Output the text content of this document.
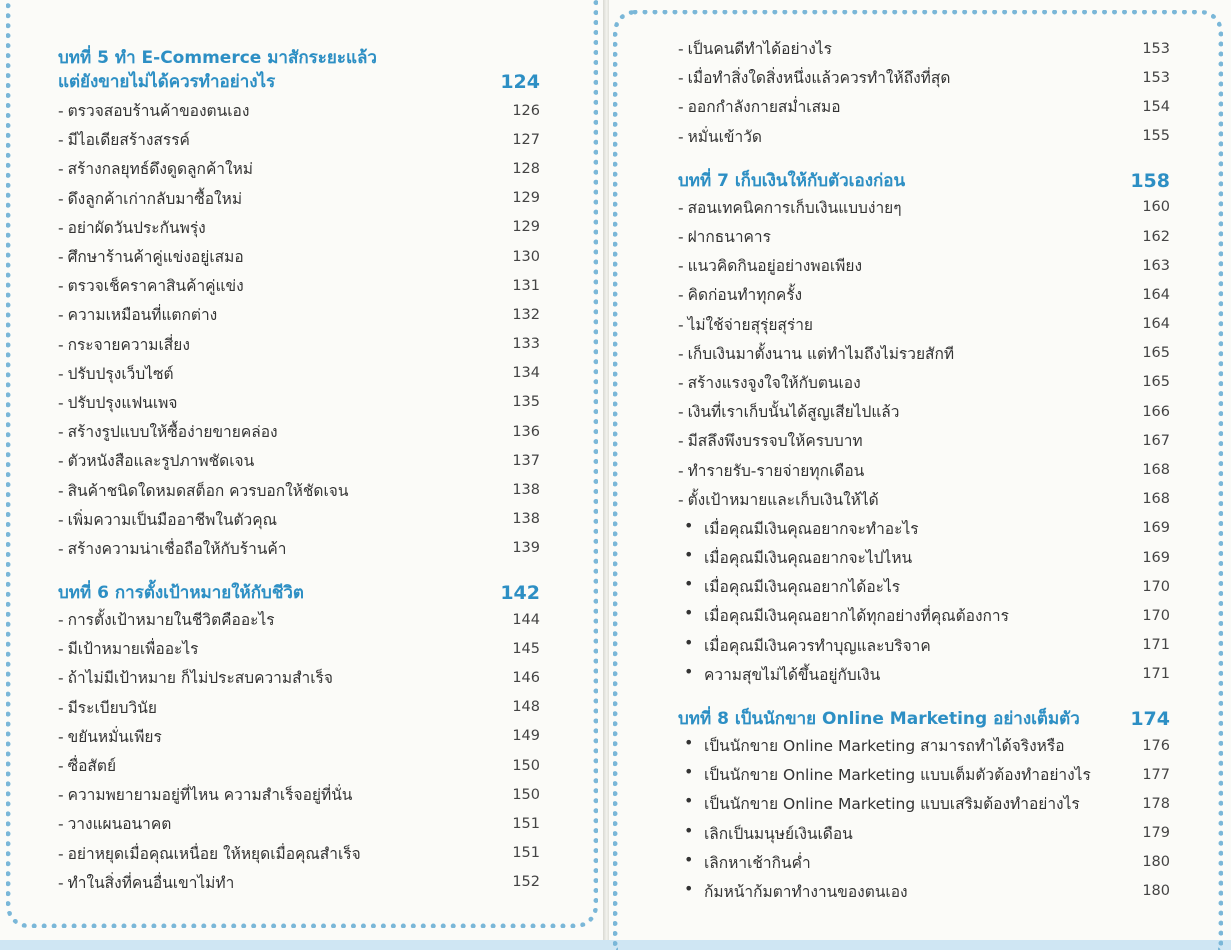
บทที่ 5 ทำ E-Commerce มาสักระยะแล้ว
แต่ยังขายไม่ได้ควรทำอย่างไร	124
- ตรวจสอบร้านค้าของตนเอง	126
- มีไอเดียสร้างสรรค์	127
- สร้างกลยุทธ์ดึงดูดลูกค้าใหม่	128
- ดึงลูกค้าเก่ากลับมาซื้อใหม่	129
- อย่าผัดวันประกันพรุ่ง	129
- ศึกษาร้านค้าคู่แข่งอยู่เสมอ	130
- ตรวจเช็คราคาสินค้าคู่แข่ง	131
- ความเหมือนที่แตกต่าง	132
- กระจายความเสี่ยง	133
- ปรับปรุงเว็บไซต์	134
- ปรับปรุงแฟนเพจ	135
- สร้างรูปแบบให้ซื้อง่ายขายคล่อง	136
- ตัวหนังสือและรูปภาพชัดเจน	137
- สินค้าชนิดใดหมดสต็อก ควรบอกให้ชัดเจน	138
- เพิ่มความเป็นมืออาชีพในตัวคุณ	138
- สร้างความน่าเชื่อถือให้กับร้านค้า	139
บทที่ 6 การตั้งเป้าหมายให้กับชีวิต	142
- การตั้งเป้าหมายในชีวิตคืออะไร	144
- มีเป้าหมายเพื่ออะไร	145
- ถ้าไม่มีเป้าหมาย ก็ไม่ประสบความสำเร็จ	146
- มีระเบียบวินัย	148
- ขยันหมั่นเพียร	149
- ซื่อสัตย์	150
- ความพยายามอยู่ที่ไหน ความสำเร็จอยู่ที่นั่น	150
- วางแผนอนาคต	151
- อย่าหยุดเมื่อคุณเหนื่อย ให้หยุดเมื่อคุณสำเร็จ	151
- ทำในสิ่งที่คนอื่นเขาไม่ทำ	152
- เป็นคนดีทำได้อย่างไร	153
- เมื่อทำสิ่งใดสิ่งหนึ่งแล้วควรทำให้ถึงที่สุด	153
- ออกกำลังกายสม่ำเสมอ	154
- หมั่นเข้าวัด	155
บทที่ 7 เก็บเงินให้กับตัวเองก่อน	158
- สอนเทคนิคการเก็บเงินแบบง่ายๆ	160
- ฝากธนาคาร	162
- แนวคิดกินอยู่อย่างพอเพียง	163
- คิดก่อนทำทุกครั้ง	164
- ไม่ใช้จ่ายสุรุ่ยสุร่าย	164
- เก็บเงินมาตั้งนาน แต่ทำไมถึงไม่รวยสักที	165
- สร้างแรงจูงใจให้กับตนเอง	165
- เงินที่เราเก็บนั้นได้สูญเสียไปแล้ว	166
- มีสลึงพึงบรรจบให้ครบบาท	167
- ทำรายรับ-รายจ่ายทุกเดือน	168
- ตั้งเป้าหมายและเก็บเงินให้ได้	168
• เมื่อคุณมีเงินคุณอยากจะทำอะไร	169
• เมื่อคุณมีเงินคุณอยากจะไปไหน	169
• เมื่อคุณมีเงินคุณอยากได้อะไร	170
• เมื่อคุณมีเงินคุณอยากได้ทุกอย่างที่คุณต้องการ	170
• เมื่อคุณมีเงินควรทำบุญและบริจาค	171
• ความสุขไม่ได้ขึ้นอยู่กับเงิน	171
บทที่ 8 เป็นนักขาย Online Marketing อย่างเต็มตัว	174
• เป็นนักขาย Online Marketing สามารถทำได้จริงหรือ	176
• เป็นนักขาย Online Marketing แบบเต็มตัวต้องทำอย่างไร	177
• เป็นนักขาย Online Marketing แบบเสริมต้องทำอย่างไร	178
• เลิกเป็นมนุษย์เงินเดือน	179
• เลิกหาเช้ากินค่ำ	180
• ก้มหน้าก้มตาทำงานของตนเอง	180
